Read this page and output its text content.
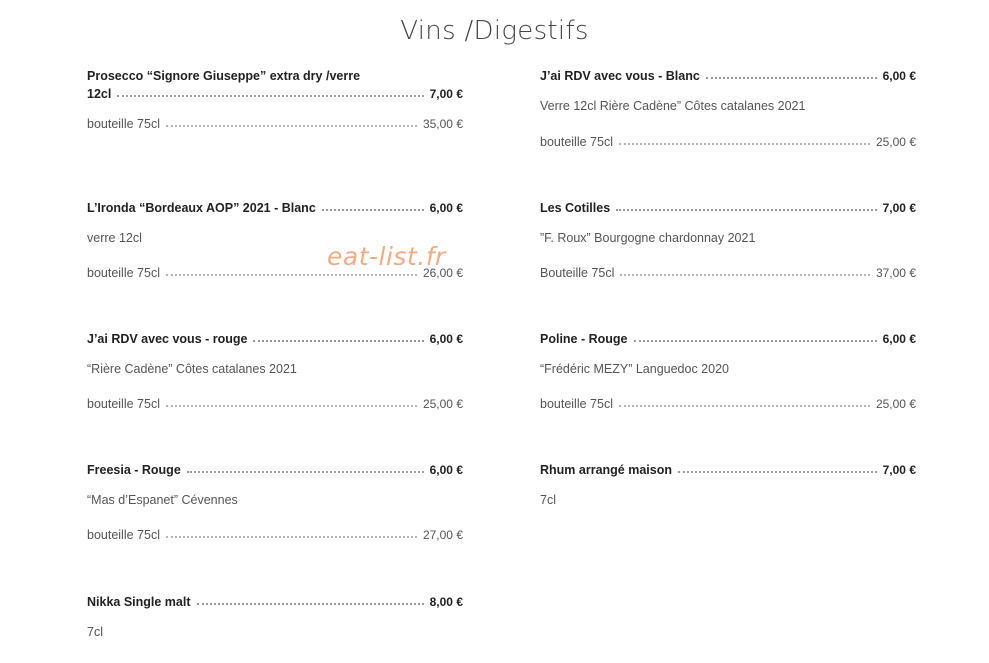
Vins /Digestifs
Prosecco “Signore Giuseppe” extra dry /verre
12cl	7,00 €
bouteille 75cl	35,00 €
L’Ironda “Bordeaux AOP” 2021 - Blanc	6,00 €
verre 12cl
bouteille 75cl	26,00 €
J’ai RDV avec vous - rouge	6,00 €
“Rière Cadène” Côtes catalanes 2021
bouteille 75cl	25,00 €
Freesia - Rouge	6,00 €
“Mas d’Espanet” Cévennes
bouteille 75cl	27,00 €
Nikka Single malt	8,00 €
7cl
J’ai RDV avec vous - Blanc	6,00 €
Verre 12cl Rière Cadène” Côtes catalanes 2021
bouteille 75cl	25,00 €
Les Cotilles	7,00 €
”F. Roux” Bourgogne chardonnay 2021
Bouteille 75cl	37,00 €
Poline - Rouge	6,00 €
“Frédéric MEZY” Languedoc 2020
bouteille 75cl	25,00 €
Rhum arrangé maison	7,00 €
7cl
eat-list.fr
